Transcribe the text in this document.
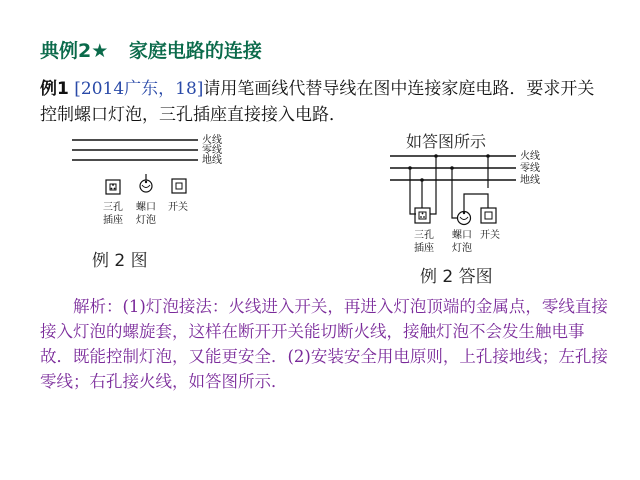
典例2★ 家庭电路的连接
例1 [2014广东，18]请用笔画线代替导线在图中连接家庭电路．要求开关控制螺口灯泡，三孔插座直接接入电路．
火线
零线
地线
三孔
插座
螺口
灯泡
开关
例 2 图
如答图所示
火线
零线
地线
三孔
插座
螺口
灯泡
开关
例 2 答图
解析：(1)灯泡接法：火线进入开关，再进入灯泡顶端的金属点，零线直接接入灯泡的螺旋套，这样在断开开关能切断火线，接触灯泡不会发生触电事故．既能控制灯泡，又能更安全．(2)安装安全用电原则，上孔接地线；左孔接零线；右孔接火线，如答图所示．
